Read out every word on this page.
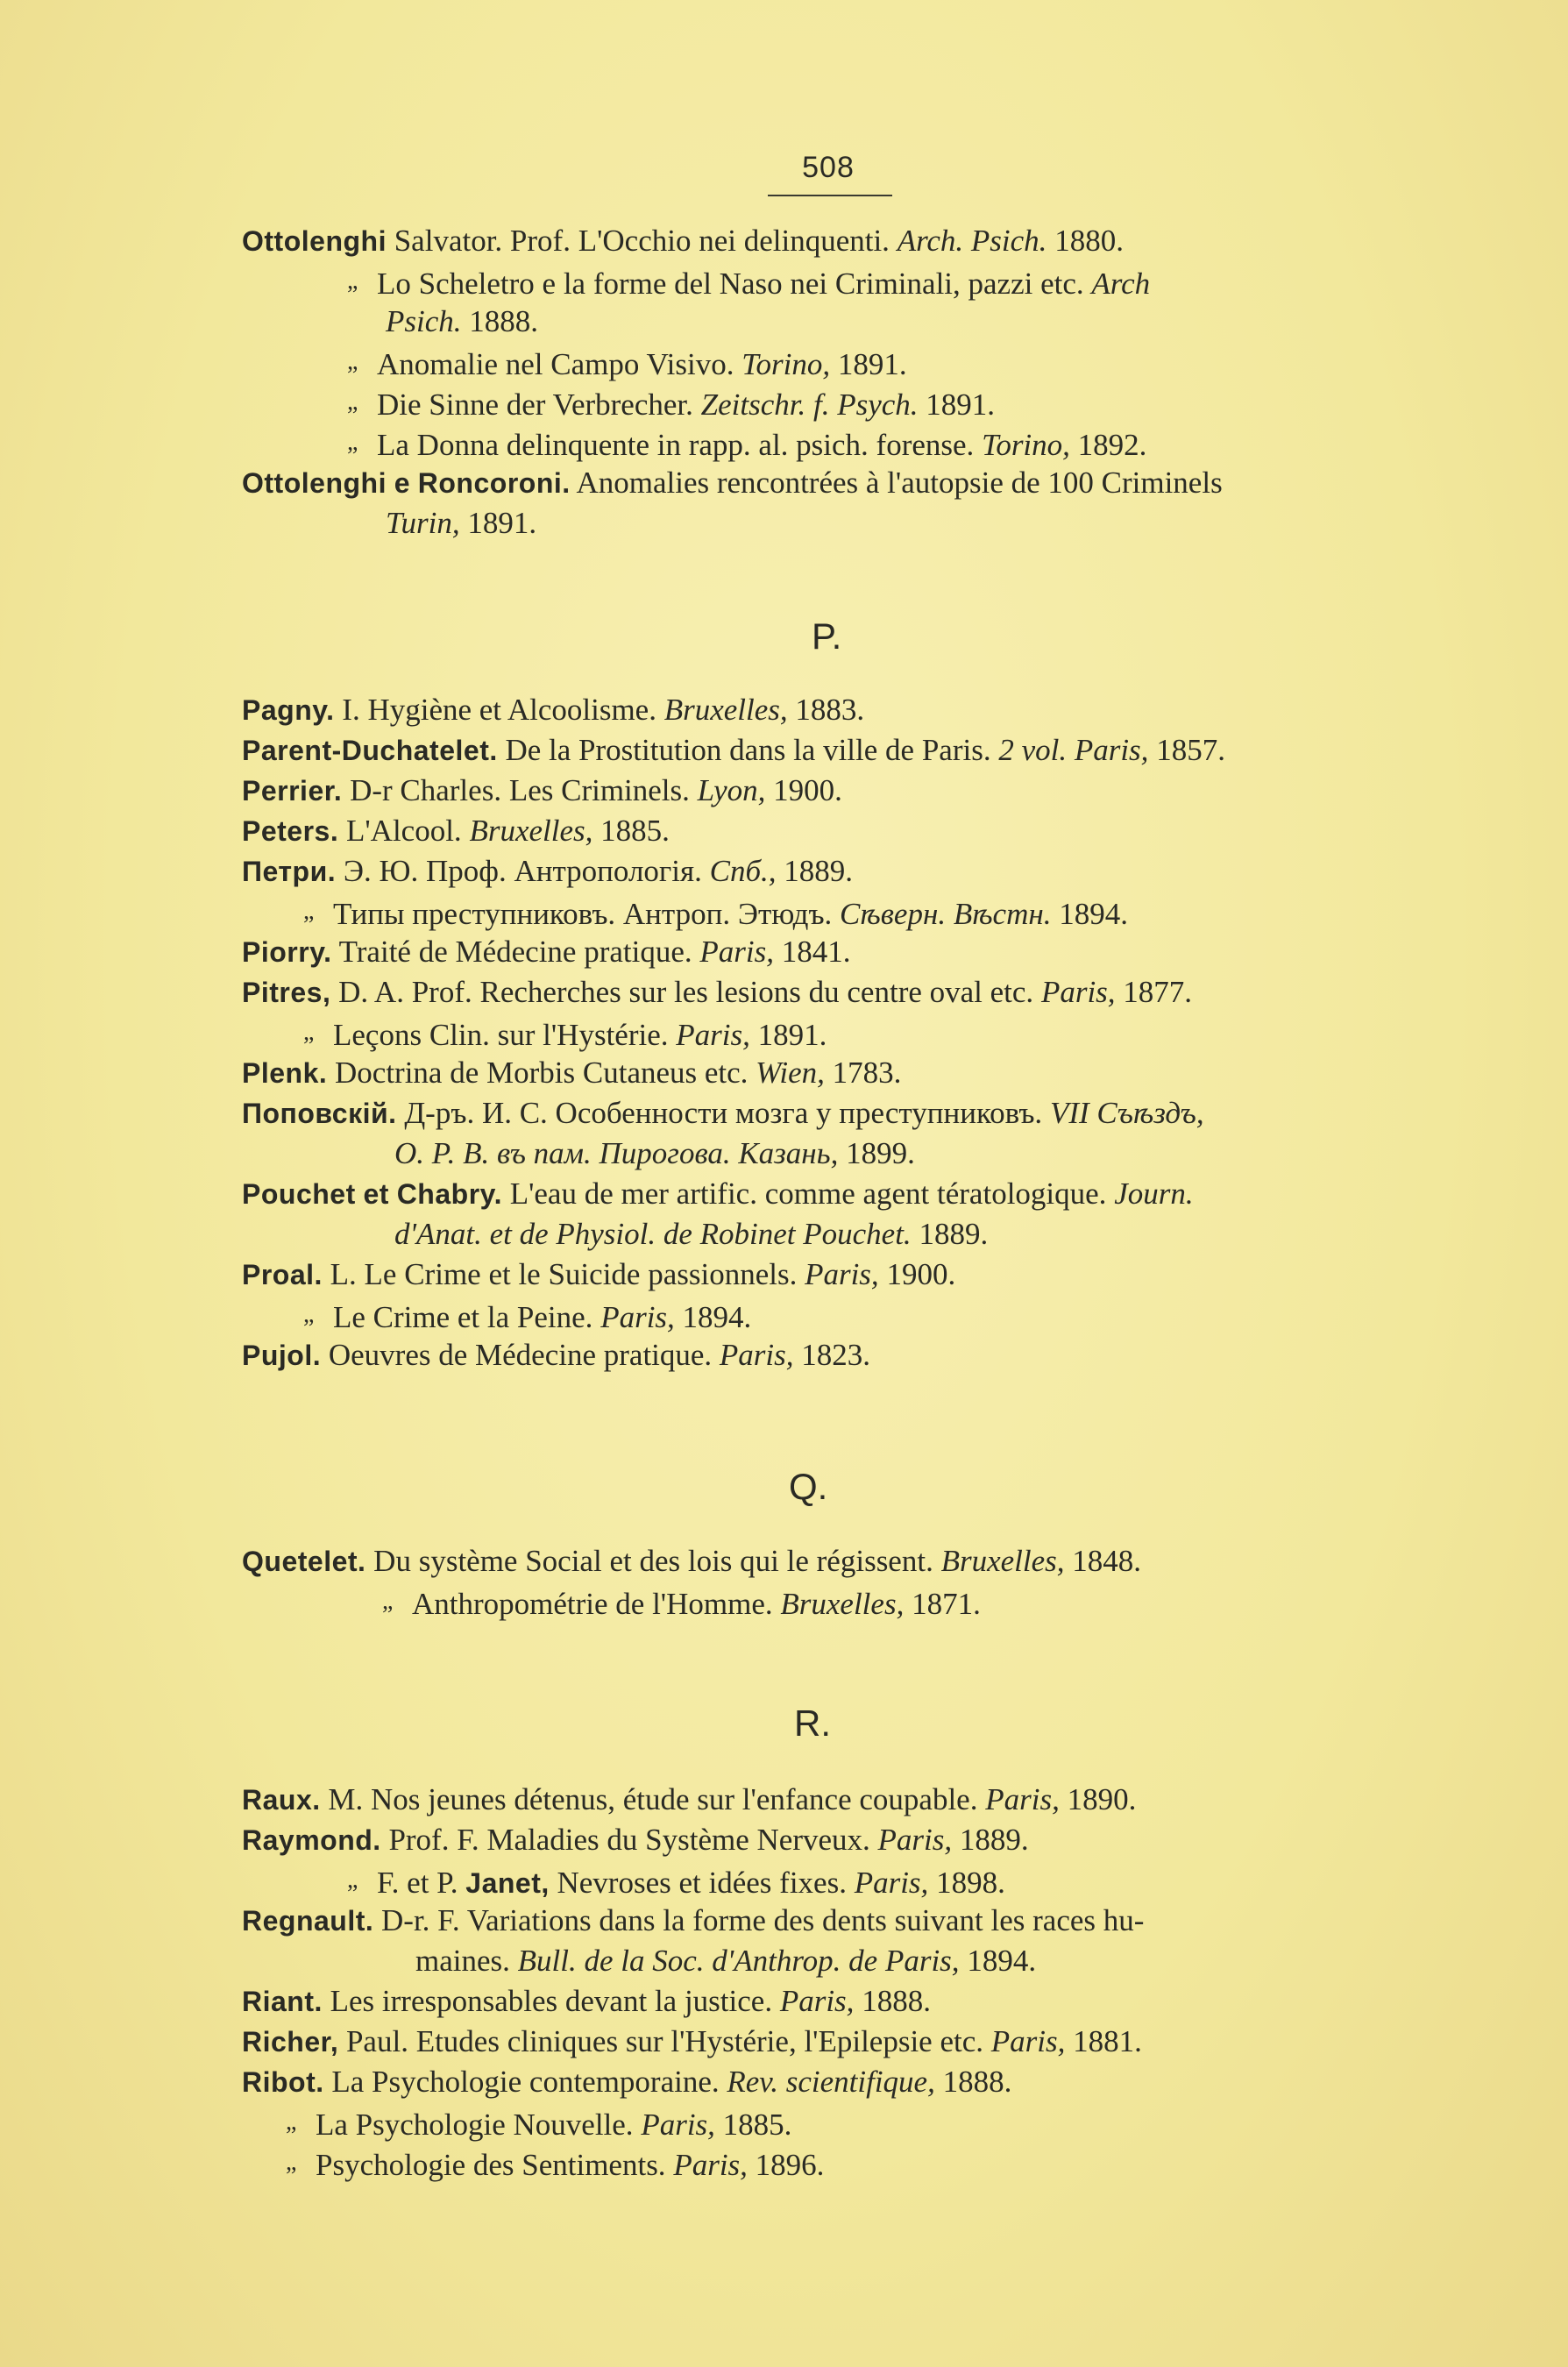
508
Ottolenghi Salvator. Prof. L'Occhio nei delinquenti. Arch. Psich. 1880.
„ Lo Scheletro e la forme del Naso nei Criminali, pazzi etc. Arch
Psich. 1888.
„ Anomalie nel Campo Visivo. Torino, 1891.
„ Die Sinne der Verbrecher. Zeitschr. f. Psych. 1891.
„ La Donna delinquente in rapp. al. psich. forense. Torino, 1892.
Ottolenghi e Roncoroni. Anomalies rencontrées à l'autopsie de 100 Criminels
Turin, 1891.
P.
Pagny. I. Hygiène et Alcoolisme. Bruxelles, 1883.
Parent-Duchatelet. De la Prostitution dans la ville de Paris. 2 vol. Paris, 1857.
Perrier. D-r Charles. Les Criminels. Lyon, 1900.
Peters. L'Alcool. Bruxelles, 1885.
Петри. Э. Ю. Проф. Антропологія. Спб., 1889.
„ Типы преступниковъ. Антроп. Этюдъ. Сѣверн. Вѣстн. 1894.
Piorry. Traité de Médecine pratique. Paris, 1841.
Pitres, D. A. Prof. Recherches sur les lesions du centre oval etc. Paris, 1877.
„ Leçons Clin. sur l'Hystérie. Paris, 1891.
Plenk. Doctrina de Morbis Cutaneus etc. Wien, 1783.
Поповскій. Д-ръ. И. С. Особенности мозга у преступниковъ. VII Съѣздъ,
О. Р. В. въ пам. Пирогова. Казань, 1899.
Pouchet et Chabry. L'eau de mer artific. comme agent tératologique. Journ.
d'Anat. et de Physiol. de Robinet Pouchet. 1889.
Proal. L. Le Crime et le Suicide passionnels. Paris, 1900.
„ Le Crime et la Peine. Paris, 1894.
Pujol. Oeuvres de Médecine pratique. Paris, 1823.
Q.
Quetelet. Du système Social et des lois qui le régissent. Bruxelles, 1848.
„ Anthropométrie de l'Homme. Bruxelles, 1871.
R.
Raux. M. Nos jeunes détenus, étude sur l'enfance coupable. Paris, 1890.
Raymond. Prof. F. Maladies du Système Nerveux. Paris, 1889.
„ F. et P. Janet, Nevroses et idées fixes. Paris, 1898.
Regnault. D-r. F. Variations dans la forme des dents suivant les races hu-
maines. Bull. de la Soc. d'Anthrop. de Paris, 1894.
Riant. Les irresponsables devant la justice. Paris, 1888.
Richer, Paul. Etudes cliniques sur l'Hystérie, l'Epilepsie etc. Paris, 1881.
Ribot. La Psychologie contemporaine. Rev. scientifique, 1888.
„ La Psychologie Nouvelle. Paris, 1885.
„ Psychologie des Sentiments. Paris, 1896.
